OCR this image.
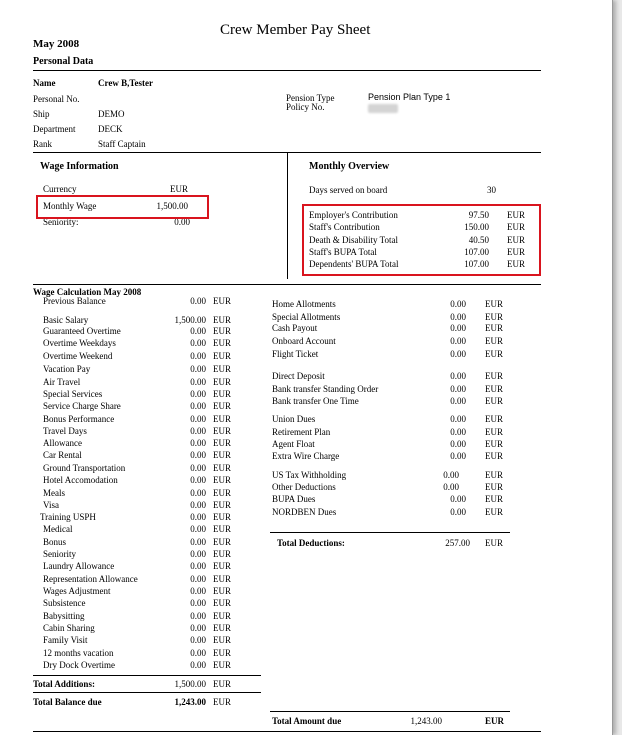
Crew Member Pay Sheet
May 2008
Personal Data
Name	Crew B,Tester
Personal No.
Ship	DEMO
Department	DECK
Rank	Staff Captain
Pension Type	Pension Plan Type 1
Policy No.
Wage Information
Currency	EUR
Monthly Wage	1,500.00
Seniority:	0.00
Monthly Overview
Days served on board	30
Employer's Contribution	97.50 EUR
Staff's Contribution	150.00 EUR
Death & Disability Total	40.50 EUR
Staff's BUPA Total	107.00 EUR
Dependents' BUPA Total	107.00 EUR
Wage Calculation May 2008
Previous Balance	0.00 EUR
Basic Salary	1,500.00 EUR
Guaranteed Overtime	0.00 EUR
Overtime Weekdays	0.00 EUR
Overtime Weekend	0.00 EUR
Vacation Pay	0.00 EUR
Air Travel	0.00 EUR
Special Services	0.00 EUR
Service Charge Share	0.00 EUR
Bonus Performance	0.00 EUR
Travel Days	0.00 EUR
Allowance	0.00 EUR
Car Rental	0.00 EUR
Ground Transportation	0.00 EUR
Hotel Accomodation	0.00 EUR
Meals	0.00 EUR
Visa	0.00 EUR
Training USPH	0.00 EUR
Medical	0.00 EUR
Bonus	0.00 EUR
Seniority	0.00 EUR
Laundry Allowance	0.00 EUR
Representation Allowance	0.00 EUR
Wages Adjustment	0.00 EUR
Subsistence	0.00 EUR
Babysitting	0.00 EUR
Cabin Sharing	0.00 EUR
Family Visit	0.00 EUR
12 months vacation	0.00 EUR
Dry Dock Overtime	0.00 EUR
Home Allotments	0.00 EUR
Special Allotments	0.00 EUR
Cash Payout	0.00 EUR
Onboard Account	0.00 EUR
Flight Ticket	0.00 EUR
Direct Deposit	0.00 EUR
Bank transfer Standing Order	0.00 EUR
Bank transfer One Time	0.00 EUR
Union Dues	0.00 EUR
Retirement Plan	0.00 EUR
Agent Float	0.00 EUR
Extra Wire Charge	0.00 EUR
US Tax Withholding	0.00	EUR
Other Deductions	0.00	EUR
BUPA Dues	0.00 EUR
NORDBEN Dues	0.00 EUR
Total Deductions:	257.00 EUR
Total Additions:	1,500.00 EUR
Total Balance due	1,243.00 EUR
Total Amount due	1,243.00	EUR
